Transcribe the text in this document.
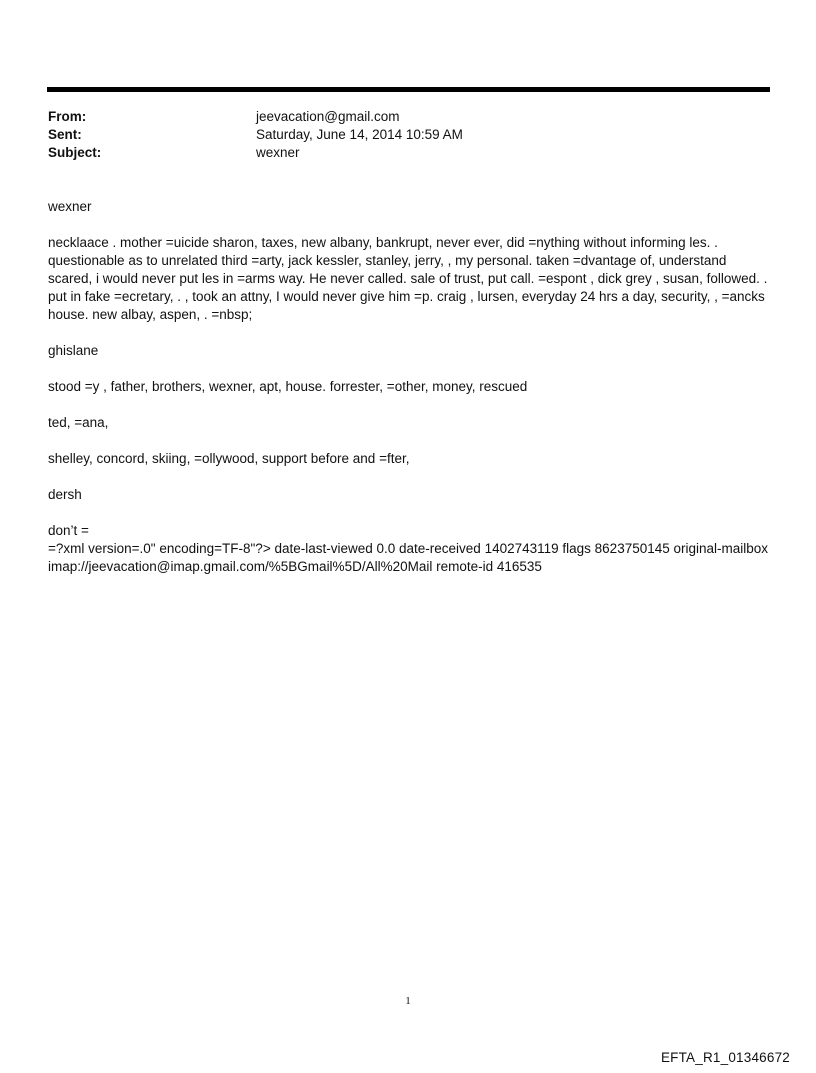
From:	jeevacation@gmail.com
Sent:	Saturday, June 14, 2014 10:59 AM
Subject:	wexner

wexner

necklaace . mother =uicide sharon, taxes, new albany, bankrupt, never ever, did =nything without informing les. . questionable as to unrelated third =arty, jack kessler, stanley, jerry, , my personal. taken =dvantage of, understand scared, i would never put les in =arms way. He never called. sale of trust, put call. =espont , dick grey , susan, followed. . put in fake =ecretary, . , took an attny, I would never give him =p. craig , lursen, everyday 24 hrs a day, security, , =ancks house. new albay, aspen, . =nbsp;

ghislane

stood =y , father, brothers, wexner, apt, house. forrester, =other, money, rescued

ted, =ana,

shelley, concord, skiing, =ollywood, support before and =fter,

dersh

don’t =
=?xml version=.0" encoding=TF-8"?> date-last-viewed 0.0 date-received 1402743119 flags 8623750145 original-mailbox imap://jeevacation@imap.gmail.com/%5BGmail%5D/All%20Mail remote-id 416535
1
EFTA_R1_01346672
